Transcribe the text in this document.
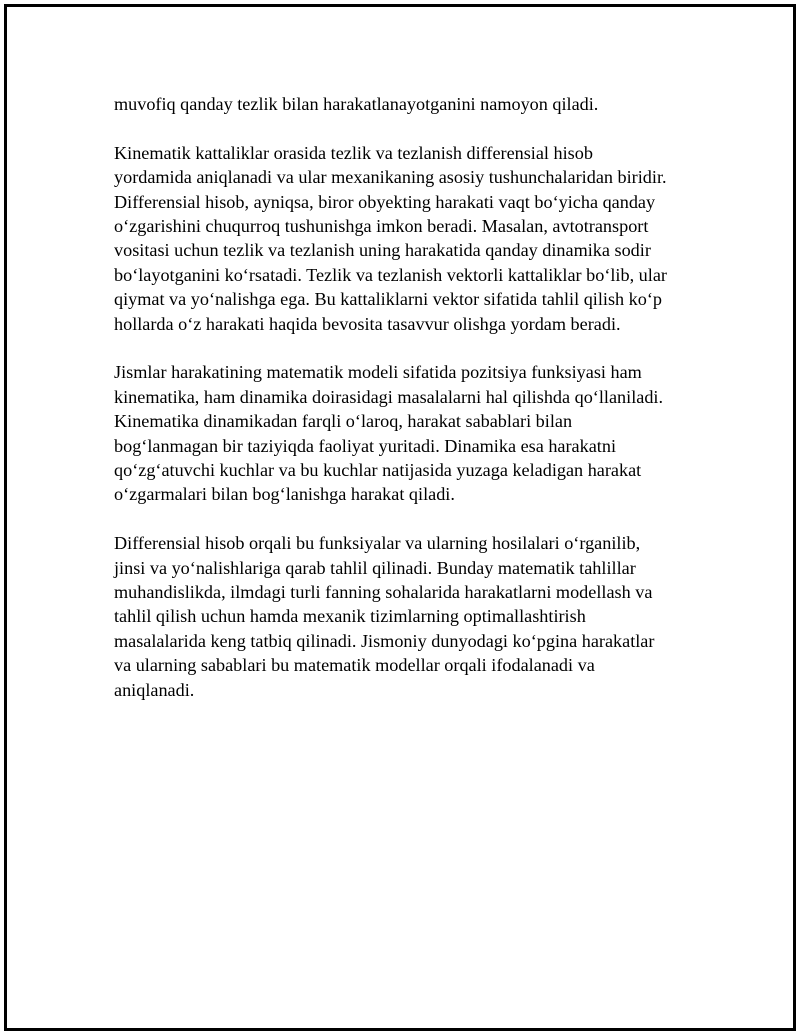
muvofiq qanday tezlik bilan harakatlanayotganini namoyon qiladi.

Kinematik kattaliklar orasida tezlik va tezlanish differensial hisob
yordamida aniqlanadi va ular mexanikaning asosiy tushunchalaridan biridir.
Differensial hisob, ayniqsa, biror obyekting harakati vaqt bo‘yicha qanday
o‘zgarishini chuqurroq tushunishga imkon beradi. Masalan, avtotransport
vositasi uchun tezlik va tezlanish uning harakatida qanday dinamika sodir
bo‘layotganini ko‘rsatadi. Tezlik va tezlanish vektorli kattaliklar bo‘lib, ular
qiymat va yo‘nalishga ega. Bu kattaliklarni vektor sifatida tahlil qilish ko‘p
hollarda o‘z harakati haqida bevosita tasavvur olishga yordam beradi.

Jismlar harakatining matematik modeli sifatida pozitsiya funksiyasi ham
kinematika, ham dinamika doirasidagi masalalarni hal qilishda qo‘llaniladi.
Kinematika dinamikadan farqli o‘laroq, harakat sabablari bilan
bog‘lanmagan bir taziyiqda faoliyat yuritadi. Dinamika esa harakatni
qo‘zg‘atuvchi kuchlar va bu kuchlar natijasida yuzaga keladigan harakat
o‘zgarmalari bilan bog‘lanishga harakat qiladi.

Differensial hisob orqali bu funksiyalar va ularning hosilalari o‘rganilib,
jinsi va yo‘nalishlariga qarab tahlil qilinadi. Bunday matematik tahlillar
muhandislikda, ilmdagi turli fanning sohalarida harakatlarni modellash va
tahlil qilish uchun hamda mexanik tizimlarning optimallashtirish
masalalarida keng tatbiq qilinadi. Jismoniy dunyodagi ko‘pgina harakatlar
va ularning sabablari bu matematik modellar orqali ifodalanadi va
aniqlanadi.
